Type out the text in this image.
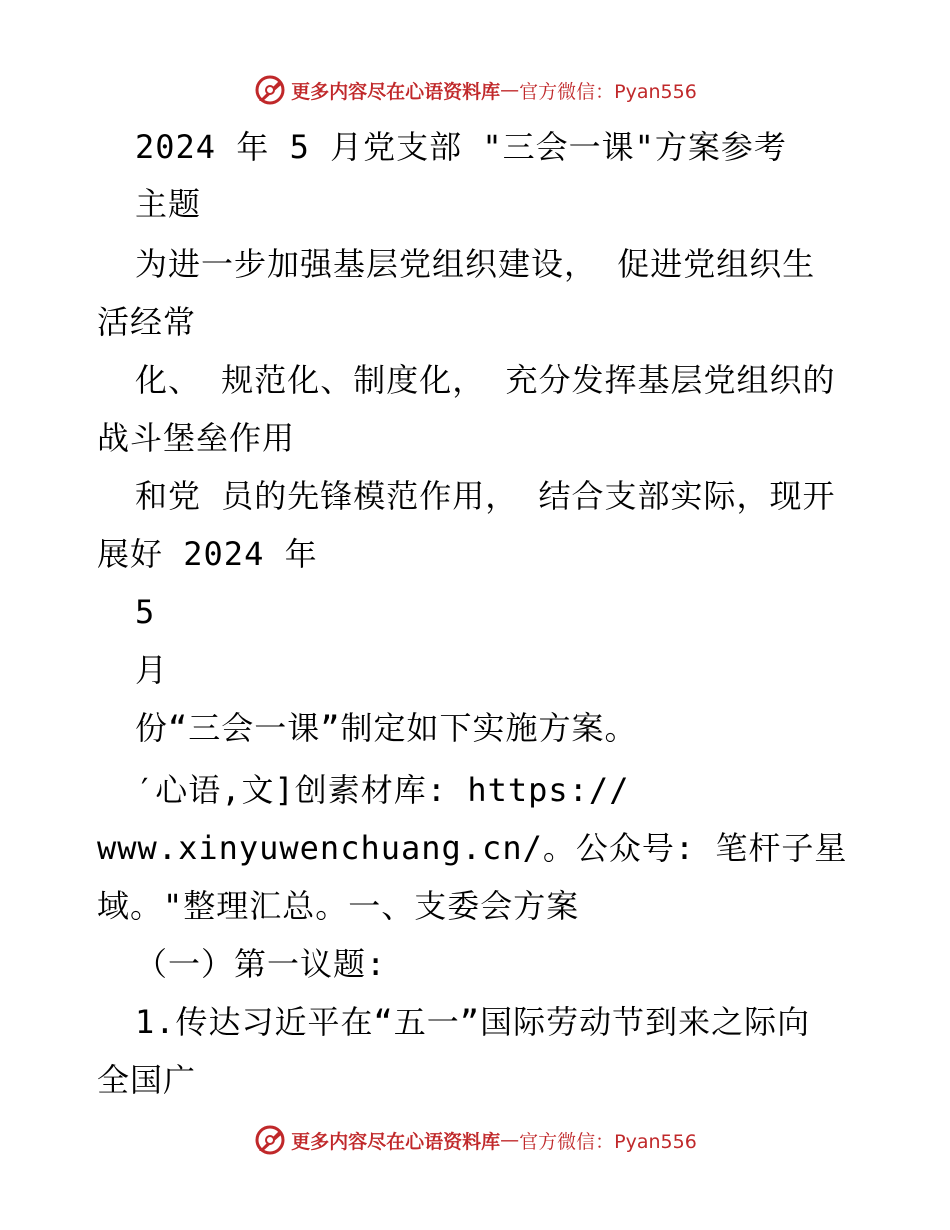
更多内容尽在心语资料库 — 官方微信：Pyan556
2024 年 5 月党支部 "三会一课"方案参考
主题
为进一步加强基层党组织建设， 促进党组织生
活经常
化、 规范化、制度化， 充分发挥基层党组织的
战斗堡垒作用
和党 员的先锋模范作用， 结合支部实际，现开
展好 2024 年
5
月
份“三会一课”制定如下实施方案。
′心语,文]创素材库: https://
www.xinyuwenchuang.cn/。公众号: 笔杆子星
域。"整理汇总。一、支委会方案
（一）第一议题:
1.传达习近平在“五一”国际劳动节到来之际向
全国广
更多内容尽在心语资料库 — 官方微信：Pyan556
